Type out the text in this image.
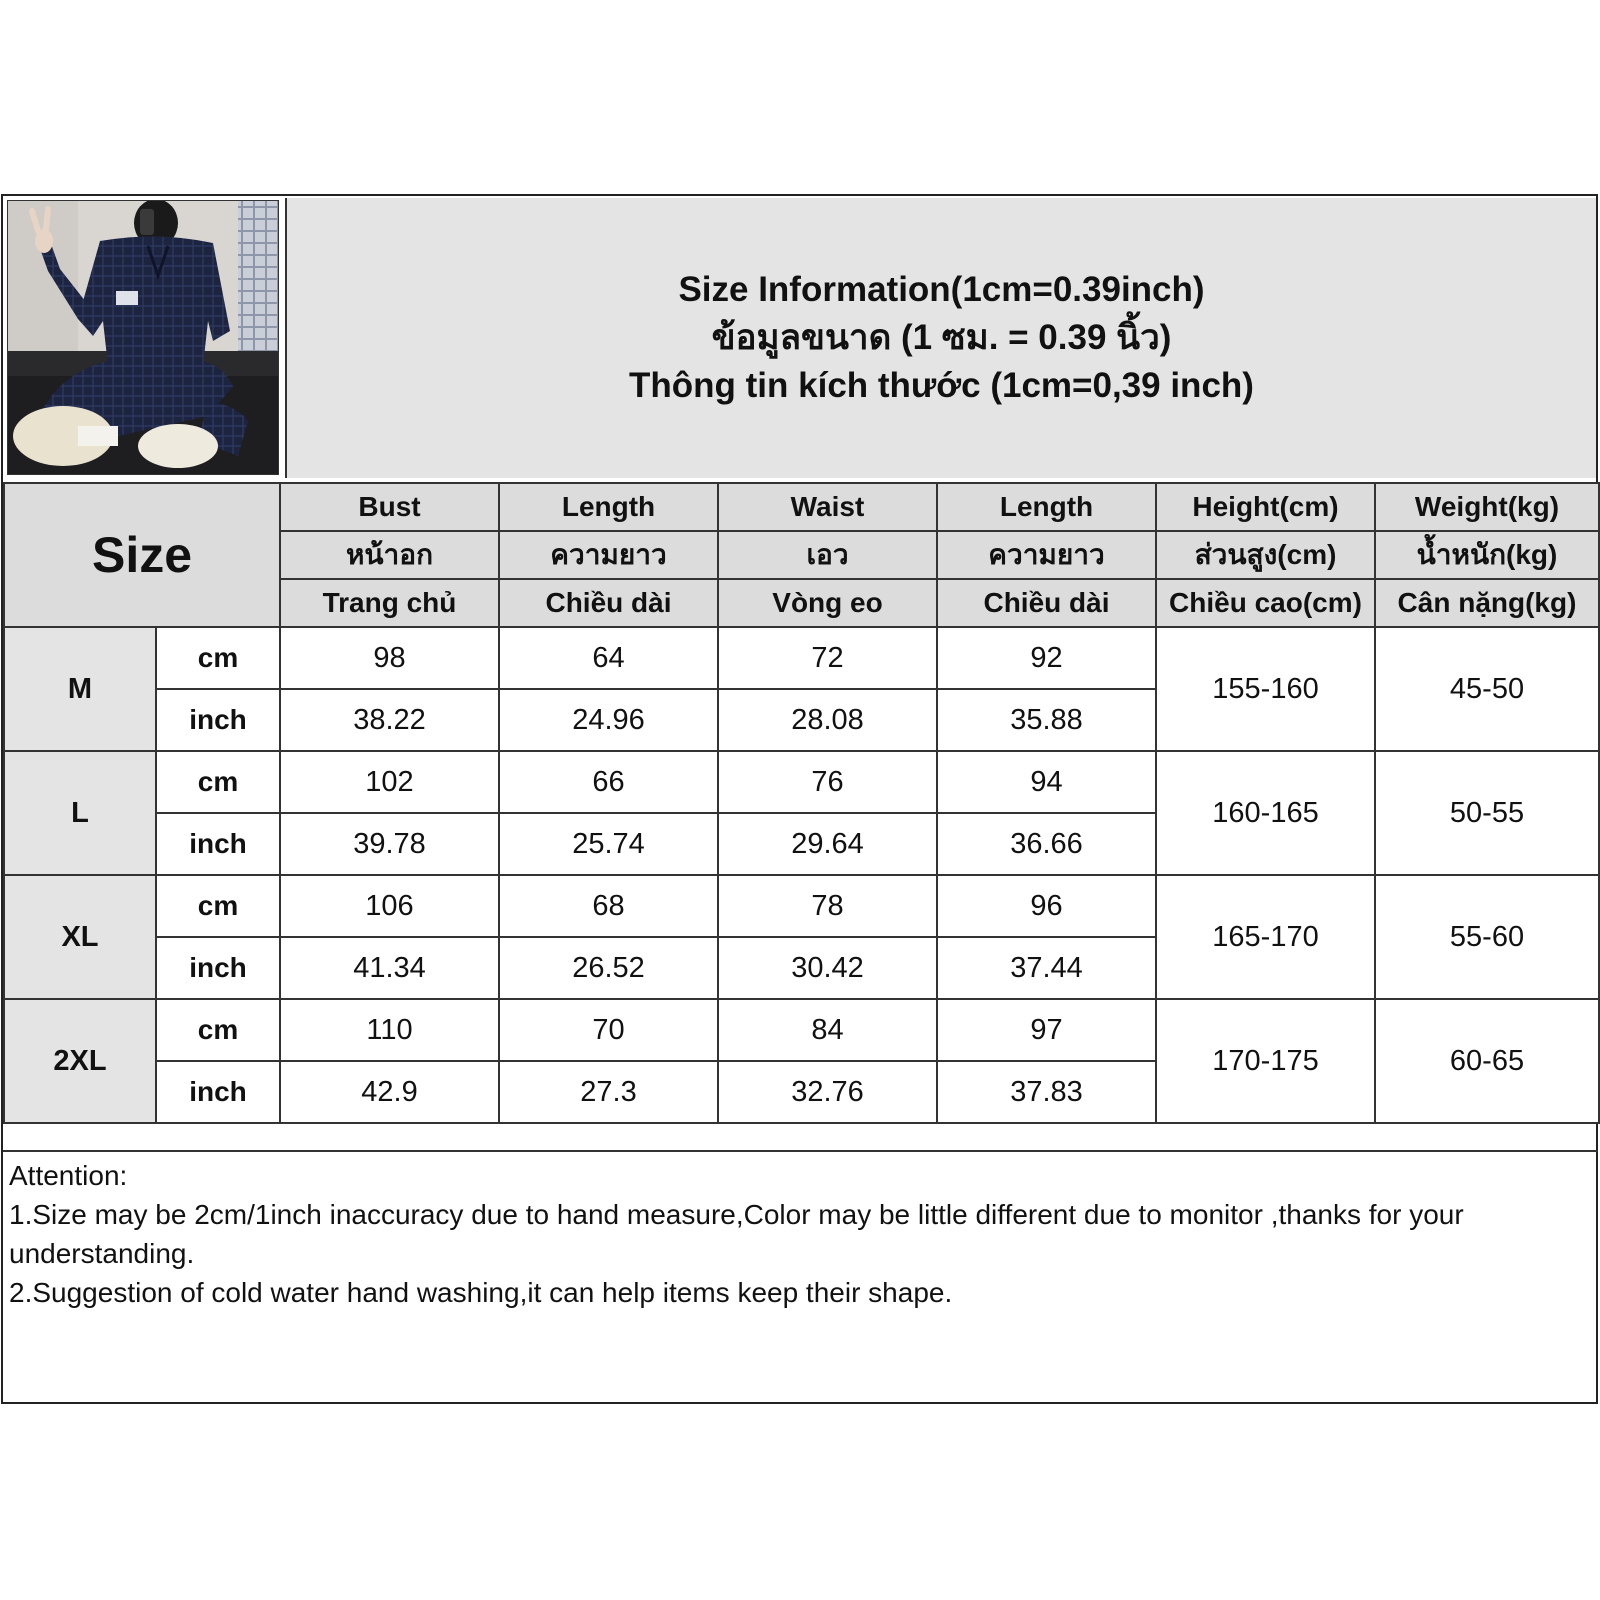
Size Information(1cm=0.39inch)
ข้อมูลขนาด (1 ซม. = 0.39 นิ้ว)
Thông tin kích thước (1cm=0,39 inch)
Size		Bust	Length	Waist	Length	Height(cm)	Weight(kg)
		หน้าอก	ความยาว	เอว	ความยาว	ส่วนสูง(cm)	น้ำหนัก(kg)
		Trang chủ	Chiều dài	Vòng eo	Chiều dài	Chiều cao(cm)	Cân nặng(kg)
M	cm	98	64	72	92	155-160	45-50
	inch	38.22	24.96	28.08	35.88		
L	cm	102	66	76	94	160-165	50-55
	inch	39.78	25.74	29.64	36.66		
XL	cm	106	68	78	96	165-170	55-60
	inch	41.34	26.52	30.42	37.44		
2XL	cm	110	70	84	97	170-175	60-65
	inch	42.9	27.3	32.76	37.83		

Attention:

1.Size may be 2cm/1inch inaccuracy due to hand measure,Color may be little different due to monitor ,thanks for your understanding.

2.Suggestion of cold water hand washing,it can help items keep their shape.
